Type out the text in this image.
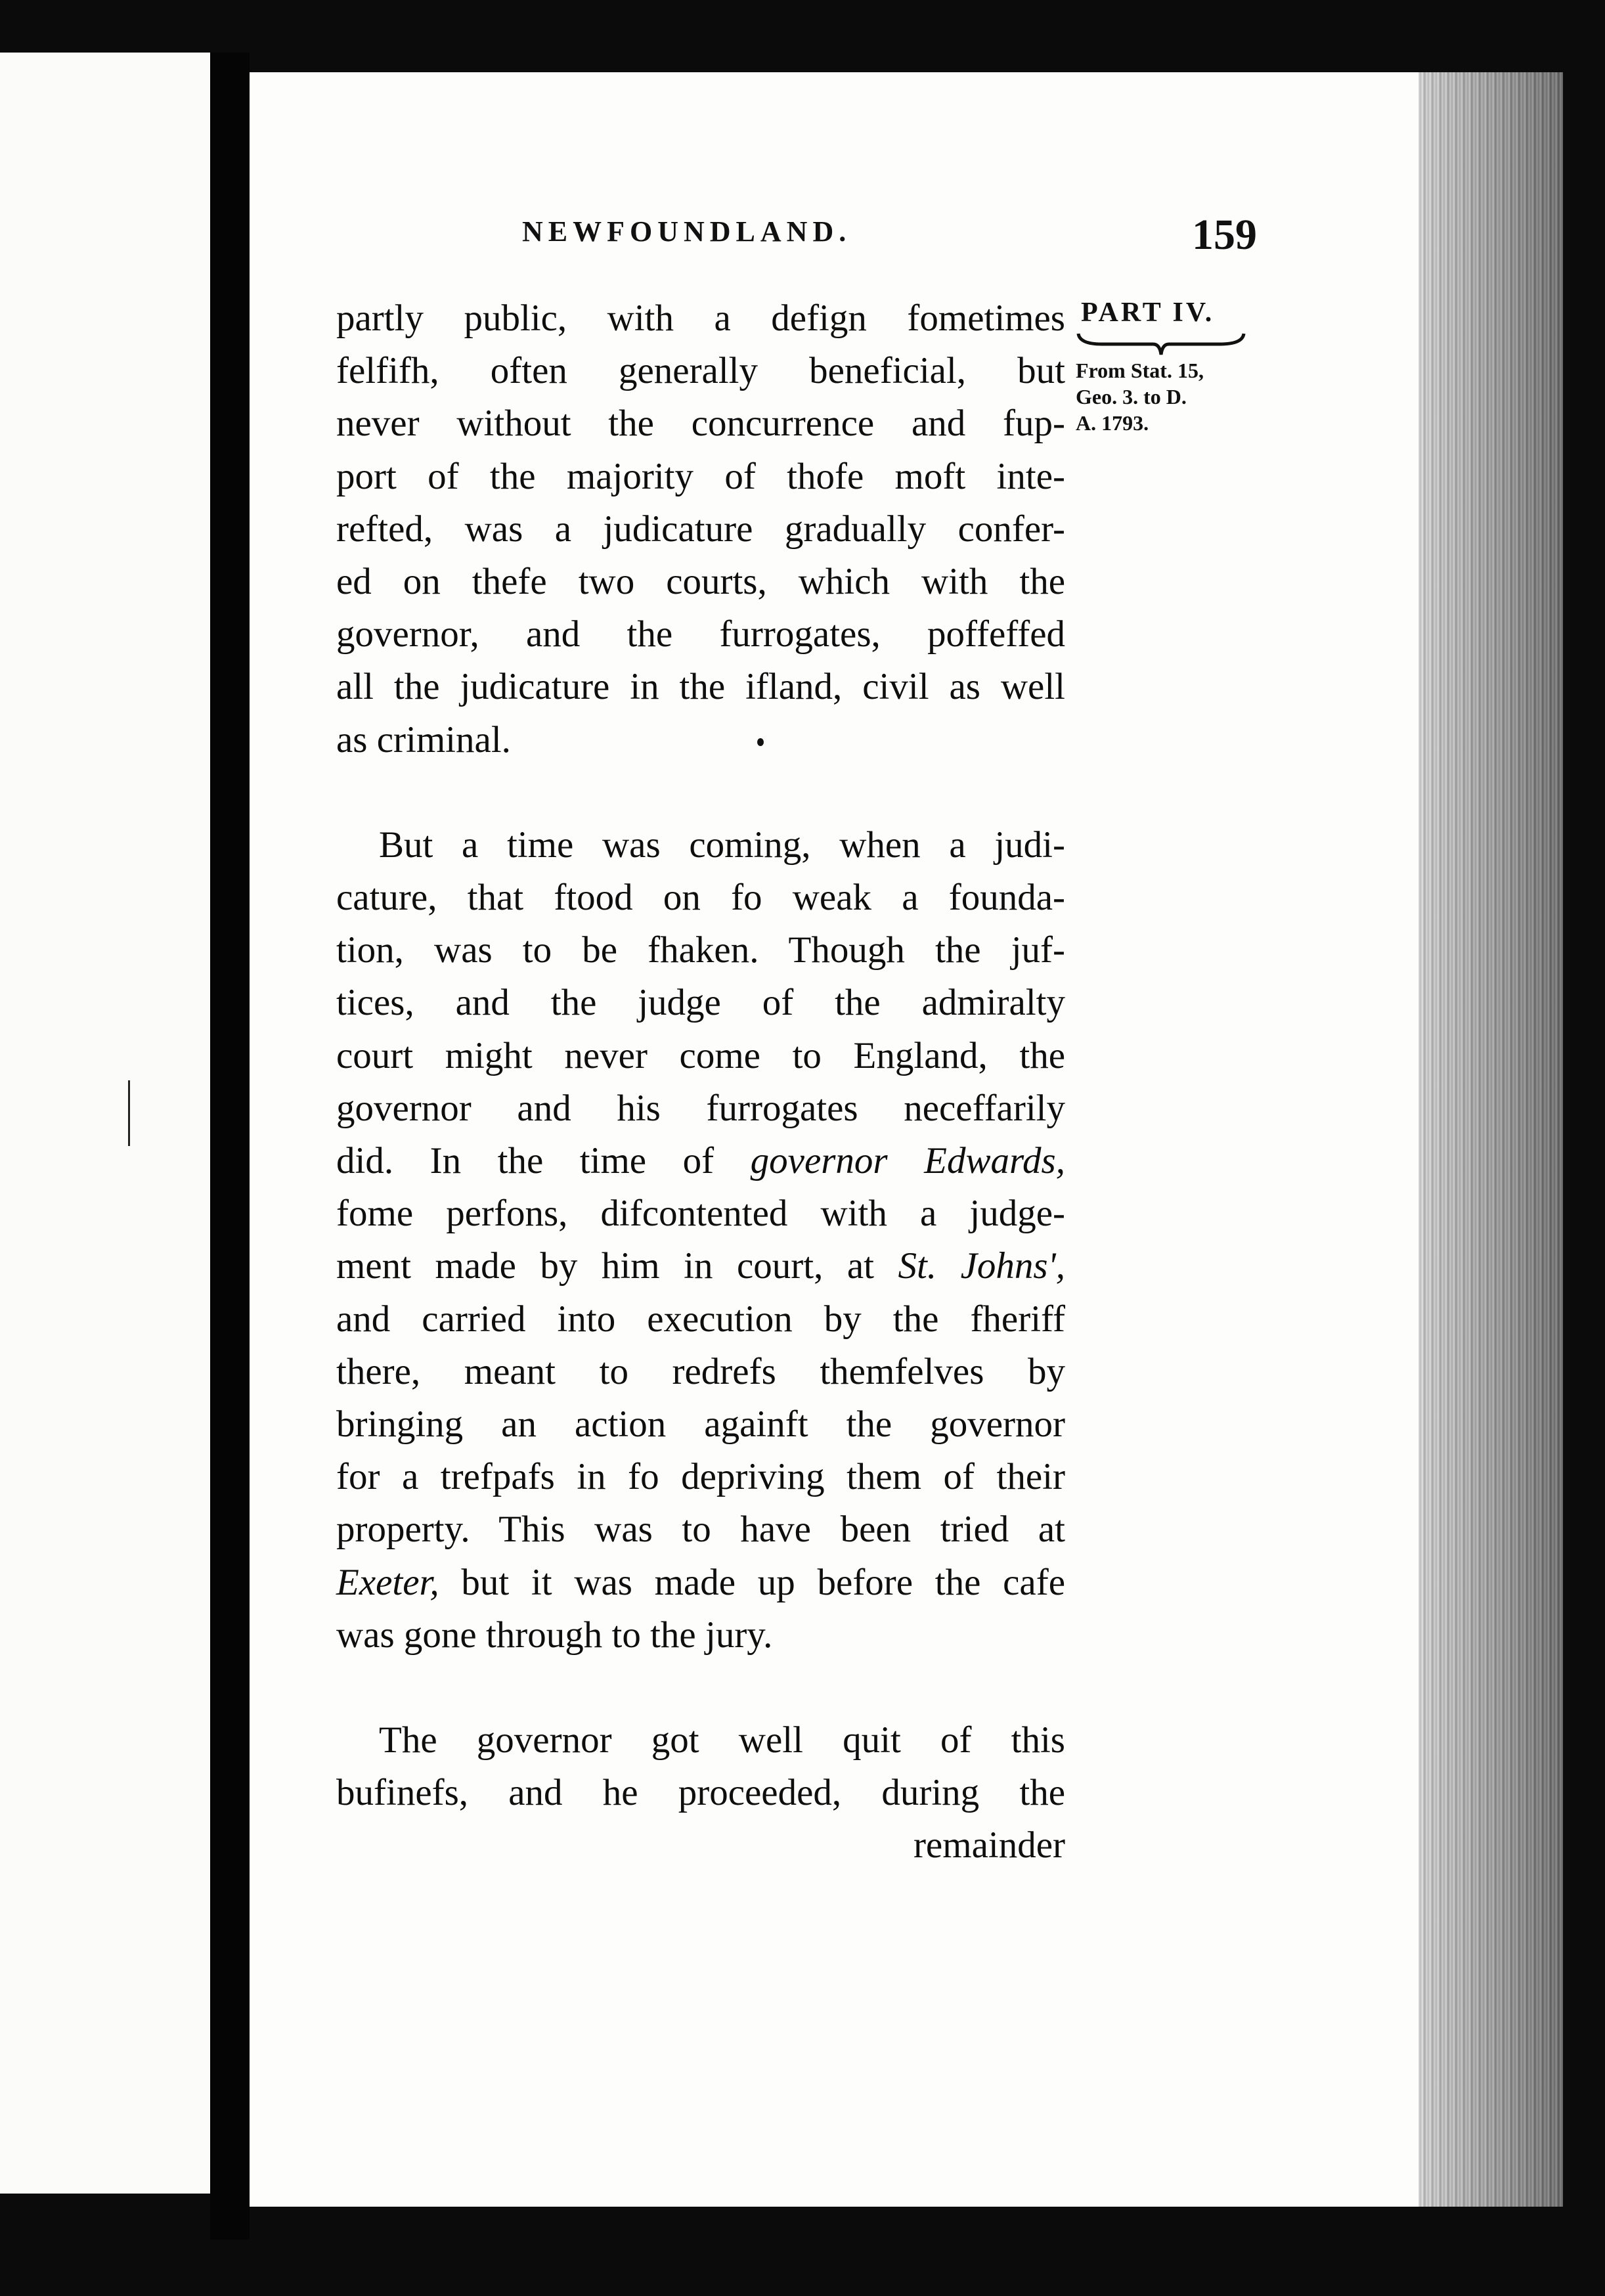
NEWFOUNDLAND.	159
PART IV.
From Stat. 15,
Geo. 3. to D.
A. 1793.
partly public, with a defign fometimes
felfifh, often generally beneficial, but
never without the concurrence and fup-
port of the majority of thofe moft inte-
refted, was a judicature gradually confer-
ed on thefe two courts, which with the
governor, and the furrogates, poffeffed
all the judicature in the ifland, civil as well
as criminal.
But a time was coming, when a judi-
cature, that ftood on fo weak a founda-
tion, was to be fhaken. Though the juf-
tices, and the judge of the admiralty
court might never come to England, the
governor and his furrogates neceffarily
did. In the time of governor Edwards,
fome perfons, difcontented with a judge-
ment made by him in court, at St. Johns',
and carried into execution by the fheriff
there, meant to redrefs themfelves by
bringing an action againft the governor
for a trefpafs in fo depriving them of their
property. This was to have been tried at
Exeter, but it was made up before the cafe
was gone through to the jury.
The governor got well quit of this
bufinefs, and he proceeded, during the
remainder
